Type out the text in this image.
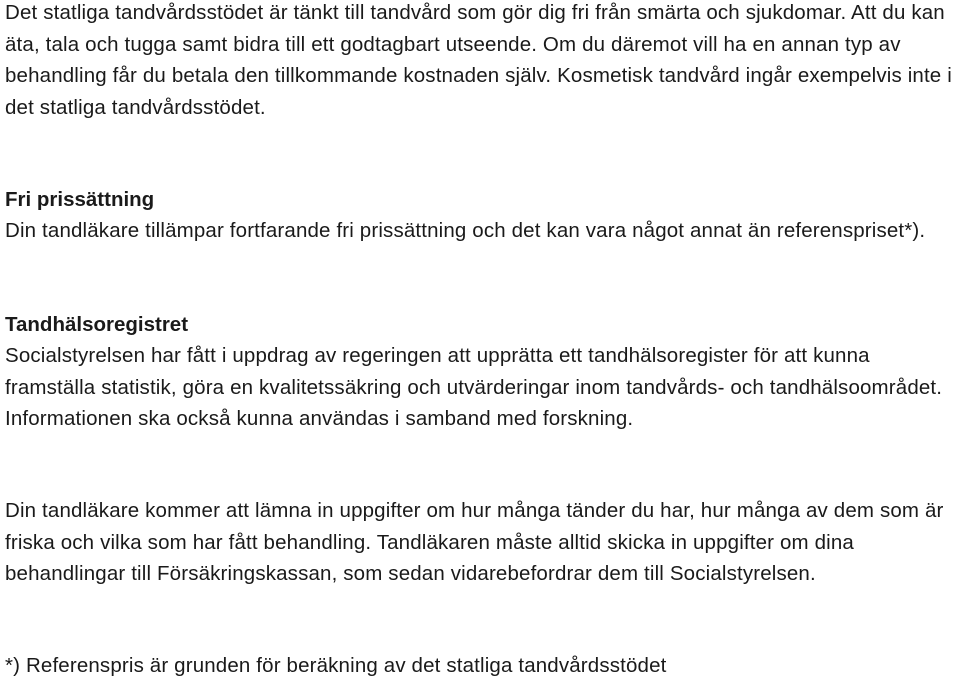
Det statliga tandvårdsstödet är tänkt till tandvård som gör dig fri från smärta och sjukdomar. Att du kan äta, tala och tugga samt bidra till ett godtagbart utseende. Om du däremot vill ha en annan typ av behandling får du betala den tillkommande kostnaden själv. Kosmetisk tandvård ingår exempelvis inte i det statliga tandvårdsstödet.

Fri prissättning

Din tandläkare tillämpar fortfarande fri prissättning och det kan vara något annat än referenspriset*).

Tandhälsoregistret

Socialstyrelsen har fått i uppdrag av regeringen att upprätta ett tandhälsoregister för att kunna framställa statistik, göra en kvalitetssäkring och utvärderingar inom tandvårds- och tandhälsoområdet. Informationen ska också kunna användas i samband med forskning.

Din tandläkare kommer att lämna in uppgifter om hur många tänder du har, hur många av dem som är friska och vilka som har fått behandling. Tandläkaren måste alltid skicka in uppgifter om dina behandlingar till Försäkringskassan, som sedan vidarebefordrar dem till Socialstyrelsen.

*) Referenspris är grunden för beräkning av det statliga tandvårdsstödet
